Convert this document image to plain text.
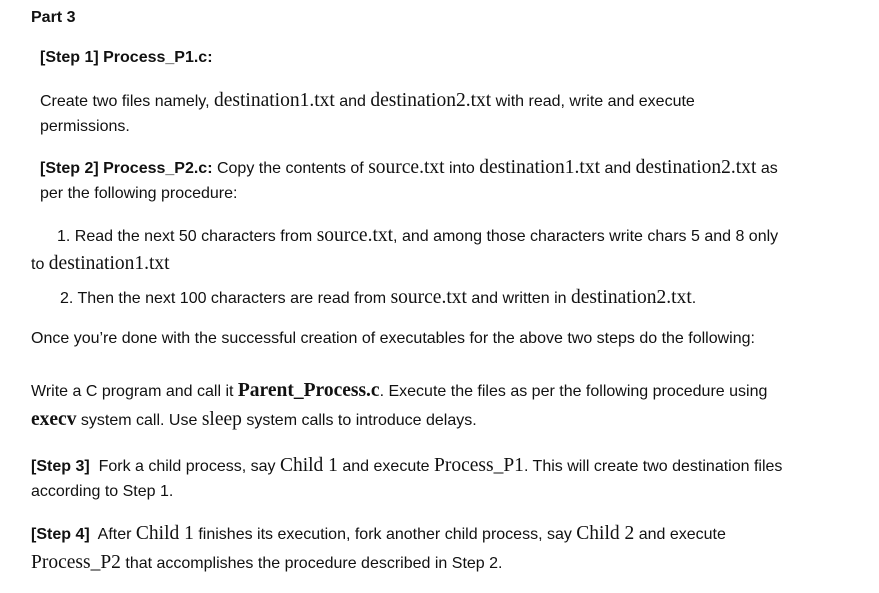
Part 3
[Step 1] Process_P1.c:
Create two files namely, destination1.txt and destination2.txt with read, write and execute
permissions.
[Step 2] Process_P2.c: Copy the contents of source.txt into destination1.txt and destination2.txt as
per the following procedure:
1. Read the next 50 characters from source.txt, and among those characters write chars 5 and 8 only
to destination1.txt
2. Then the next 100 characters are read from source.txt and written in destination2.txt.
Once you’re done with the successful creation of executables for the above two steps do the following:
Write a C program and call it Parent_Process.c. Execute the files as per the following procedure using
execv system call. Use sleep system calls to introduce delays.
[Step 3]  Fork a child process, say Child 1 and execute Process_P1. This will create two destination files
according to Step 1.
[Step 4]  After Child 1 finishes its execution, fork another child process, say Child 2 and execute
Process_P2 that accomplishes the procedure described in Step 2.
